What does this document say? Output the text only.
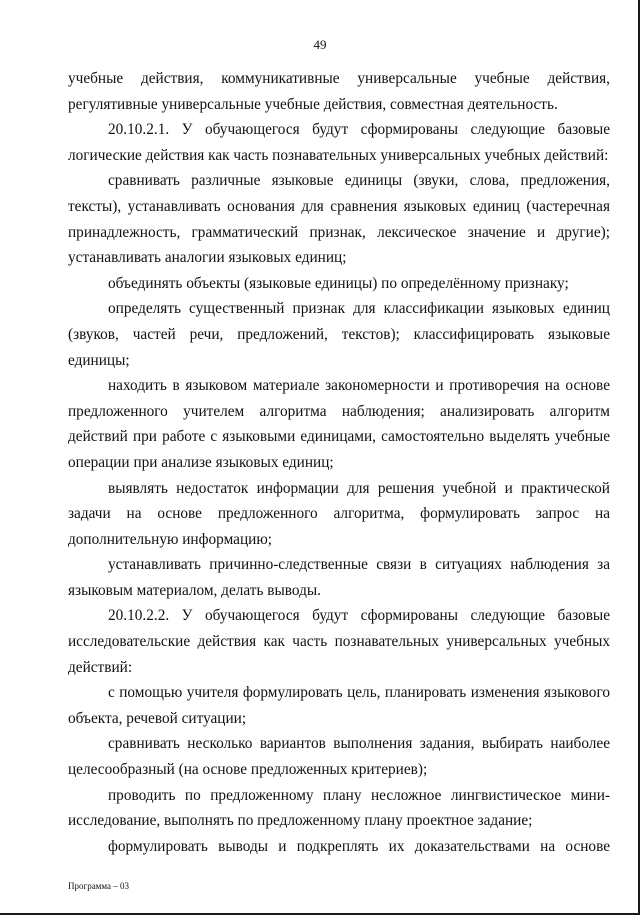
49

учебные действия, коммуникативные универсальные учебные действия, регулятивные универсальные учебные действия, совместная деятельность.

20.10.2.1. У обучающегося будут сформированы следующие базовые логические действия как часть познавательных универсальных учебных действий:

сравнивать различные языковые единицы (звуки, слова, предложения, тексты), устанавливать основания для сравнения языковых единиц (частеречная принадлежность, грамматический признак, лексическое значение и другие); устанавливать аналогии языковых единиц;

объединять объекты (языковые единицы) по определённому признаку;

определять существенный признак для классификации языковых единиц (звуков, частей речи, предложений, текстов); классифицировать языковые единицы;

находить в языковом материале закономерности и противоречия на основе предложенного учителем алгоритма наблюдения; анализировать алгоритм действий при работе с языковыми единицами, самостоятельно выделять учебные операции при анализе языковых единиц;

выявлять недостаток информации для решения учебной и практической задачи на основе предложенного алгоритма, формулировать запрос на дополнительную информацию;

устанавливать причинно-следственные связи в ситуациях наблюдения за языковым материалом, делать выводы.

20.10.2.2. У обучающегося будут сформированы следующие базовые исследовательские действия как часть познавательных универсальных учебных действий:

с помощью учителя формулировать цель, планировать изменения языкового объекта, речевой ситуации;

сравнивать несколько вариантов выполнения задания, выбирать наиболее целесообразный (на основе предложенных критериев);

проводить по предложенному плану несложное лингвистическое мини-исследование, выполнять по предложенному плану проектное задание;

формулировать выводы и подкреплять их доказательствами на основе

Программа – 03
